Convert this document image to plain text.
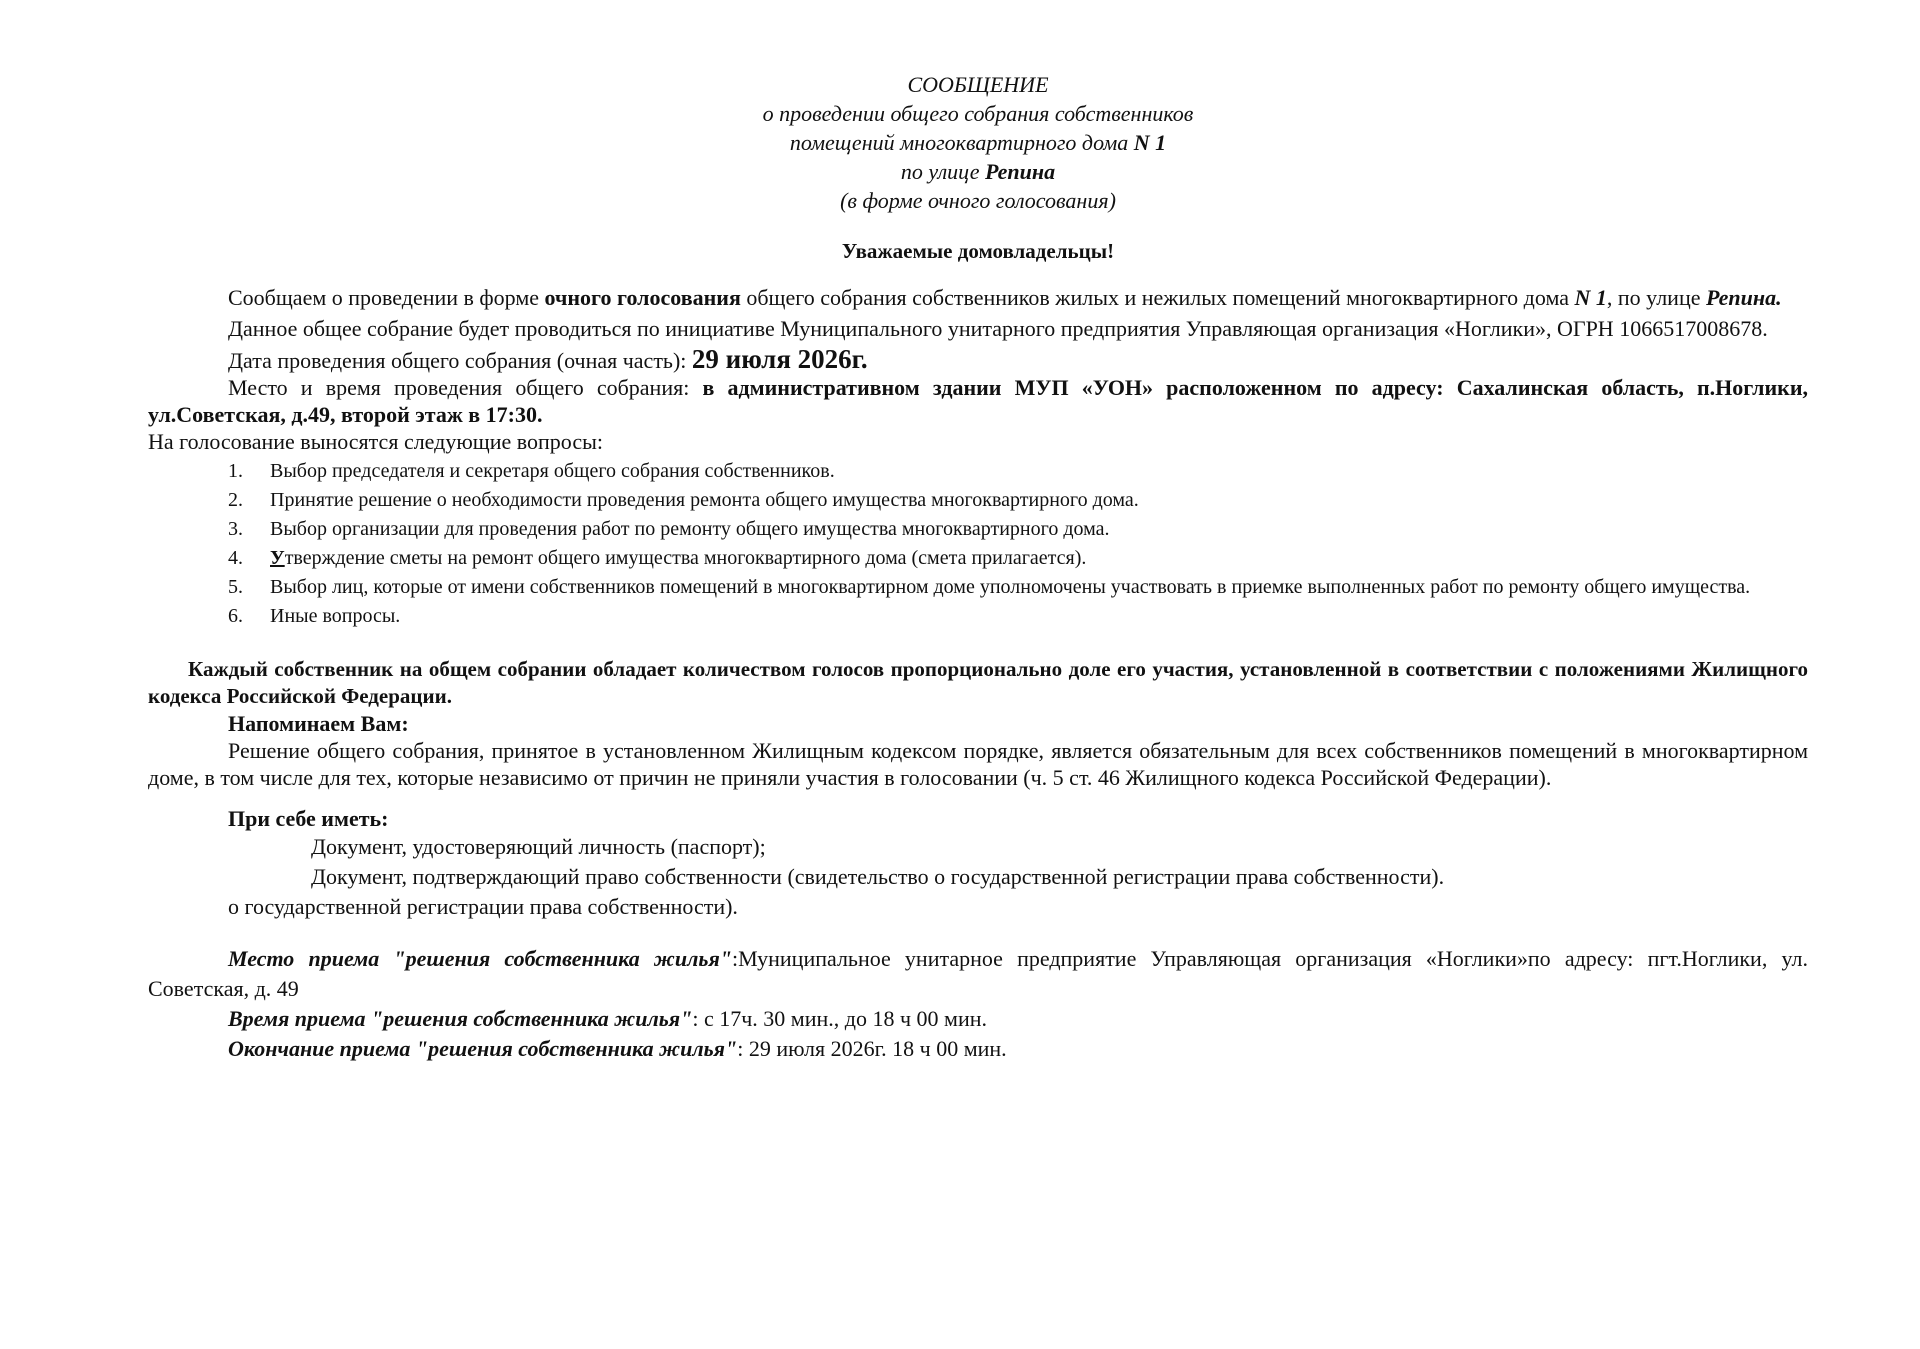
СООБЩЕНИЕ
о проведении общего собрания собственников
помещений многоквартирного дома N 1
по улице Репина
(в форме очного голосования)
Уважаемые домовладельцы!

Сообщаем о проведении в форме очного голосования общего собрания собственников жилых и нежилых помещений многоквартирного дома N 1, по улице Репина.

Данное общее собрание будет проводиться по инициативе Муниципального унитарного предприятия Управляющая организация «Ноглики», ОГРН 1066517008678.

Дата проведения общего собрания (очная часть): 29 июля 2026г.

Место и время проведения общего собрания: в административном здании МУП «УОН» расположенном по адресу: Сахалинская область, п.Ноглики, ул.Советская, д.49, второй этаж в 17:30.

На голосование выносятся следующие вопросы:

1. Выбор председателя и секретаря общего собрания собственников.
2. Принятие решение о необходимости проведения ремонта общего имущества многоквартирного дома.
3. Выбор организации для проведения работ по ремонту общего имущества многоквартирного дома.
4. Утверждение сметы на ремонт общего имущества многоквартирного дома (смета прилагается).
5. Выбор лиц, которые от имени собственников помещений в многоквартирном доме уполномочены участвовать в приемке выполненных работ по ремонту общего имущества.
6. Иные вопросы.

Каждый собственник на общем собрании обладает количеством голосов пропорционально доле его участия, установленной в соответствии с положениями Жилищного кодекса Российской Федерации.

Напоминаем Вам:

Решение общего собрания, принятое в установленном Жилищным кодексом порядке, является обязательным для всех собственников помещений в многоквартирном доме, в том числе для тех, которые независимо от причин не приняли участия в голосовании (ч. 5 ст. 46 Жилищного кодекса Российской Федерации).

При себе иметь:
Документ, удостоверяющий личность (паспорт);
Документ, подтверждающий право собственности (свидетельство о государственной регистрации права собственности).
о государственной регистрации права собственности).

Место приема "решения собственника жилья":Муниципальное унитарное предприятие Управляющая организация «Ноглики»по адресу: пгт.Ноглики, ул. Советская, д. 49

Время приема "решения собственника жилья": с 17ч. 30 мин., до 18 ч 00 мин.

Окончание приема "решения собственника жилья": 29 июля 2026г. 18 ч 00 мин.
